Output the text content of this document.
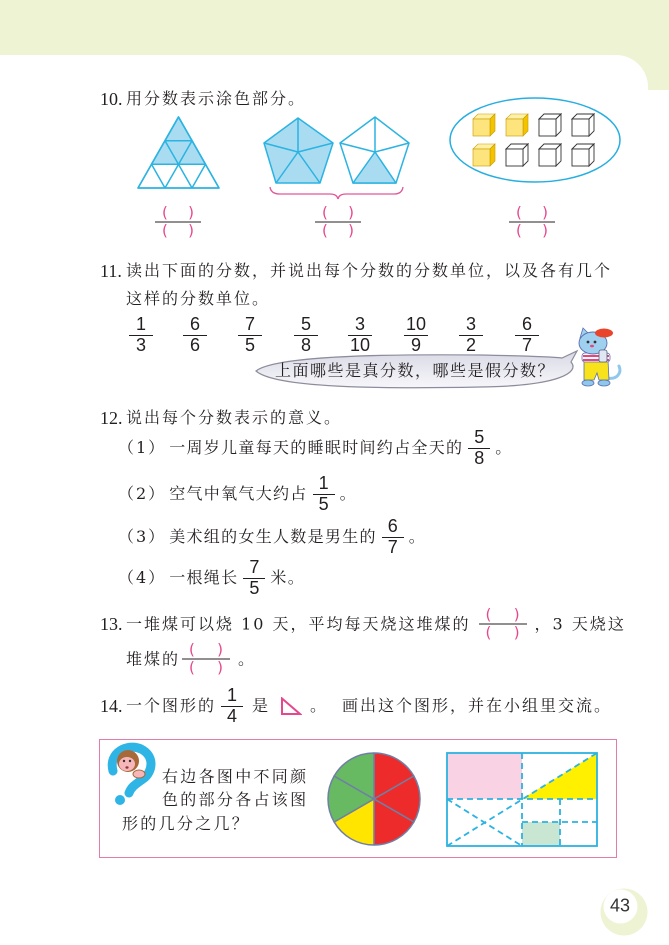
10. 用分数表示涂色部分。
( )
( )
( )
( )
( )
( )
11. 读出下面的分数，并说出每个分数的分数单位，以及各有几个
这样的分数单位。
1
3
6
6
7
5
5
8
3
10
10
9
3
2
6
7
上面哪些是真分数，哪些是假分数？
12. 说出每个分数表示的意义。
（1） 一周岁儿童每天的睡眠时间约占全天的
5
8
。
（2） 空气中氧气大约占
1
5
。
（3） 美术组的女生人数是男生的
6
7
。
（4） 一根绳长
7
5
米。
13. 一堆煤可以烧 10 天，平均每天烧这堆煤的 ( )
( ) ，3 天烧这
堆煤的 ( )
( ) 。
14. 一个图形的
1
4
是	。 画出这个图形，并在小组里交流。
右边各图中不同颜
色的部分各占该图
形的几分之几？
43
